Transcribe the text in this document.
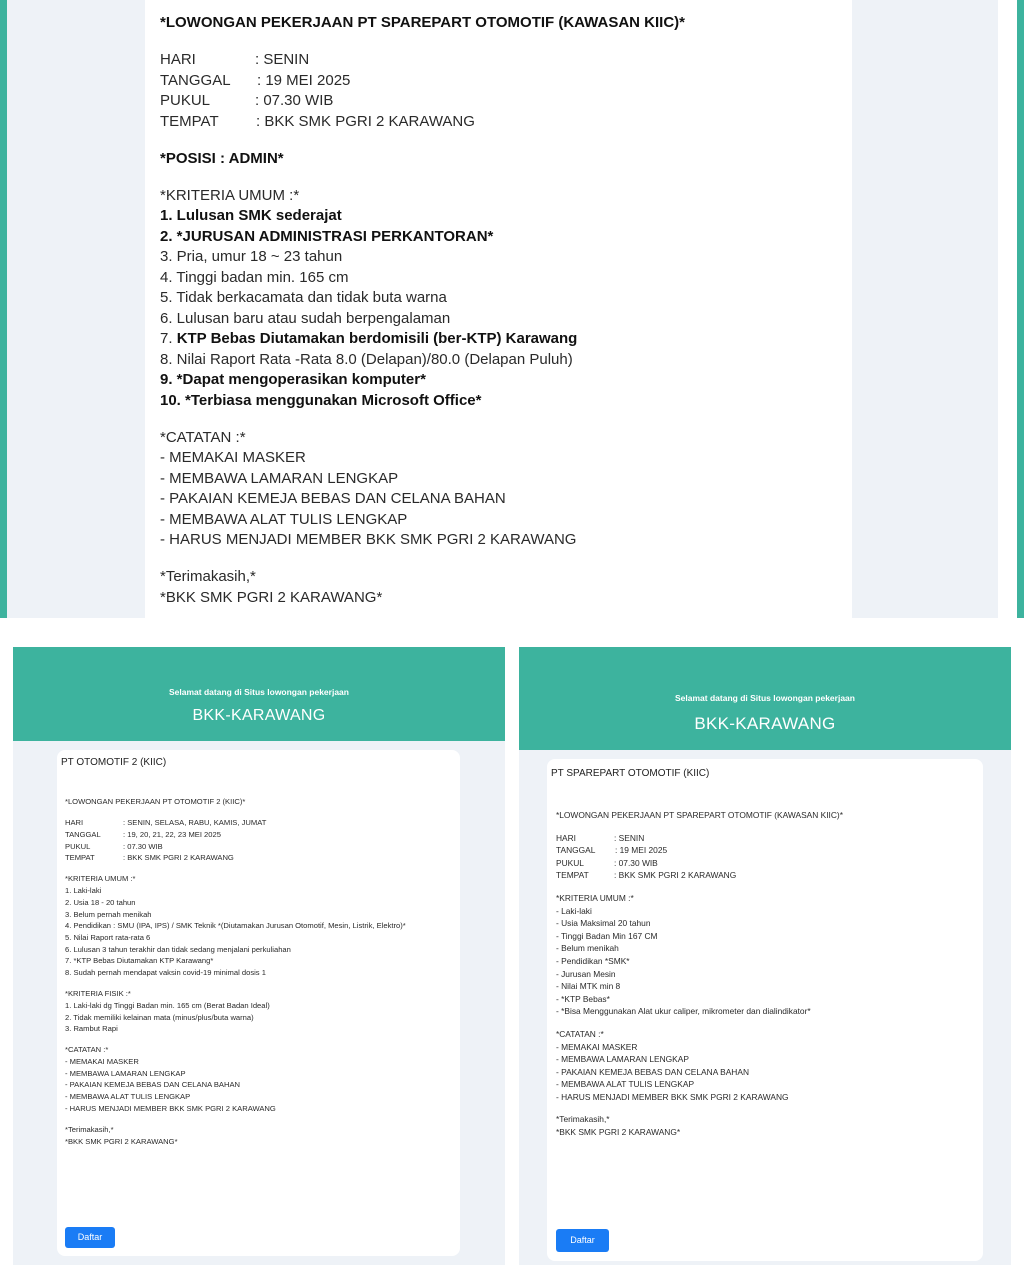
*LOWONGAN PEKERJAAN PT SPAREPART OTOMOTIF (KAWASAN KIIC)*
HARI	: SENIN
TANGGAL : 19 MEI 2025
PUKUL	: 07.30 WIB
TEMPAT : BKK SMK PGRI 2 KARAWANG
*POSISI : ADMIN*
*KRITERIA UMUM :*
1. Lulusan SMK sederajat
2. *JURUSAN ADMINISTRASI PERKANTORAN*
3. Pria, umur 18 ~ 23 tahun
4. Tinggi badan min. 165 cm
5. Tidak berkacamata dan tidak buta warna
6. Lulusan baru atau sudah berpengalaman
7. KTP Bebas Diutamakan berdomisili (ber-KTP) Karawang
8. Nilai Raport Rata -Rata 8.0 (Delapan)/80.0 (Delapan Puluh)
9. *Dapat mengoperasikan komputer*
10. *Terbiasa menggunakan Microsoft Office*
*CATATAN :*
- MEMAKAI MASKER
- MEMBAWA LAMARAN LENGKAP
- PAKAIAN KEMEJA BEBAS DAN CELANA BAHAN
- MEMBAWA ALAT TULIS LENGKAP
- HARUS MENJADI MEMBER BKK SMK PGRI 2 KARAWANG
*Terimakasih,*
*BKK SMK PGRI 2 KARAWANG*
Selamat datang di Situs lowongan pekerjaan
BKK-KARAWANG
PT OTOMOTIF 2 (KIIC)
*LOWONGAN PEKERJAAN PT OTOMOTIF 2 (KIIC)*
HARI	: SENIN, SELASA, RABU, KAMIS, JUMAT
TANGGAL	: 19, 20, 21, 22, 23 MEI 2025
PUKUL	: 07.30 WIB
TEMPAT	: BKK SMK PGRI 2 KARAWANG
*KRITERIA UMUM :*
1. Laki-laki
2. Usia 18 - 20 tahun
3. Belum pernah menikah
4. Pendidikan : SMU (IPA, IPS) / SMK Teknik *(Diutamakan Jurusan Otomotif, Mesin, Listrik, Elektro)*
5. Nilai Raport rata-rata 6
6. Lulusan 3 tahun terakhir dan tidak sedang menjalani perkuliahan
7. *KTP Bebas Diutamakan KTP Karawang*
8. Sudah pernah mendapat vaksin covid-19 minimal dosis 1
*KRITERIA FISIK :*
1. Laki-laki dg Tinggi Badan min. 165 cm (Berat Badan Ideal)
2. Tidak memiliki kelainan mata (minus/plus/buta warna)
3. Rambut Rapi
*CATATAN :*
- MEMAKAI MASKER
- MEMBAWA LAMARAN LENGKAP
- PAKAIAN KEMEJA BEBAS DAN CELANA BAHAN
- MEMBAWA ALAT TULIS LENGKAP
- HARUS MENJADI MEMBER BKK SMK PGRI 2 KARAWANG
*Terimakasih,*
*BKK SMK PGRI 2 KARAWANG*
Daftar
Selamat datang di Situs lowongan pekerjaan
BKK-KARAWANG
PT SPAREPART OTOMOTIF (KIIC)
*LOWONGAN PEKERJAAN PT SPAREPART OTOMOTIF (KAWASAN KIIC)*
HARI	: SENIN
TANGGAL : 19 MEI 2025
PUKUL	: 07.30 WIB
TEMPAT	: BKK SMK PGRI 2 KARAWANG
*KRITERIA UMUM :*
- Laki-laki
- Usia Maksimal 20 tahun
- Tinggi Badan Min 167 CM
- Belum menikah
- Pendidikan *SMK*
- Jurusan Mesin
- Nilai MTK min 8
- *KTP Bebas*
- *Bisa Menggunakan Alat ukur caliper, mikrometer dan dialindikator*
*CATATAN :*
- MEMAKAI MASKER
- MEMBAWA LAMARAN LENGKAP
- PAKAIAN KEMEJA BEBAS DAN CELANA BAHAN
- MEMBAWA ALAT TULIS LENGKAP
- HARUS MENJADI MEMBER BKK SMK PGRI 2 KARAWANG
*Terimakasih,*
*BKK SMK PGRI 2 KARAWANG*
Daftar
